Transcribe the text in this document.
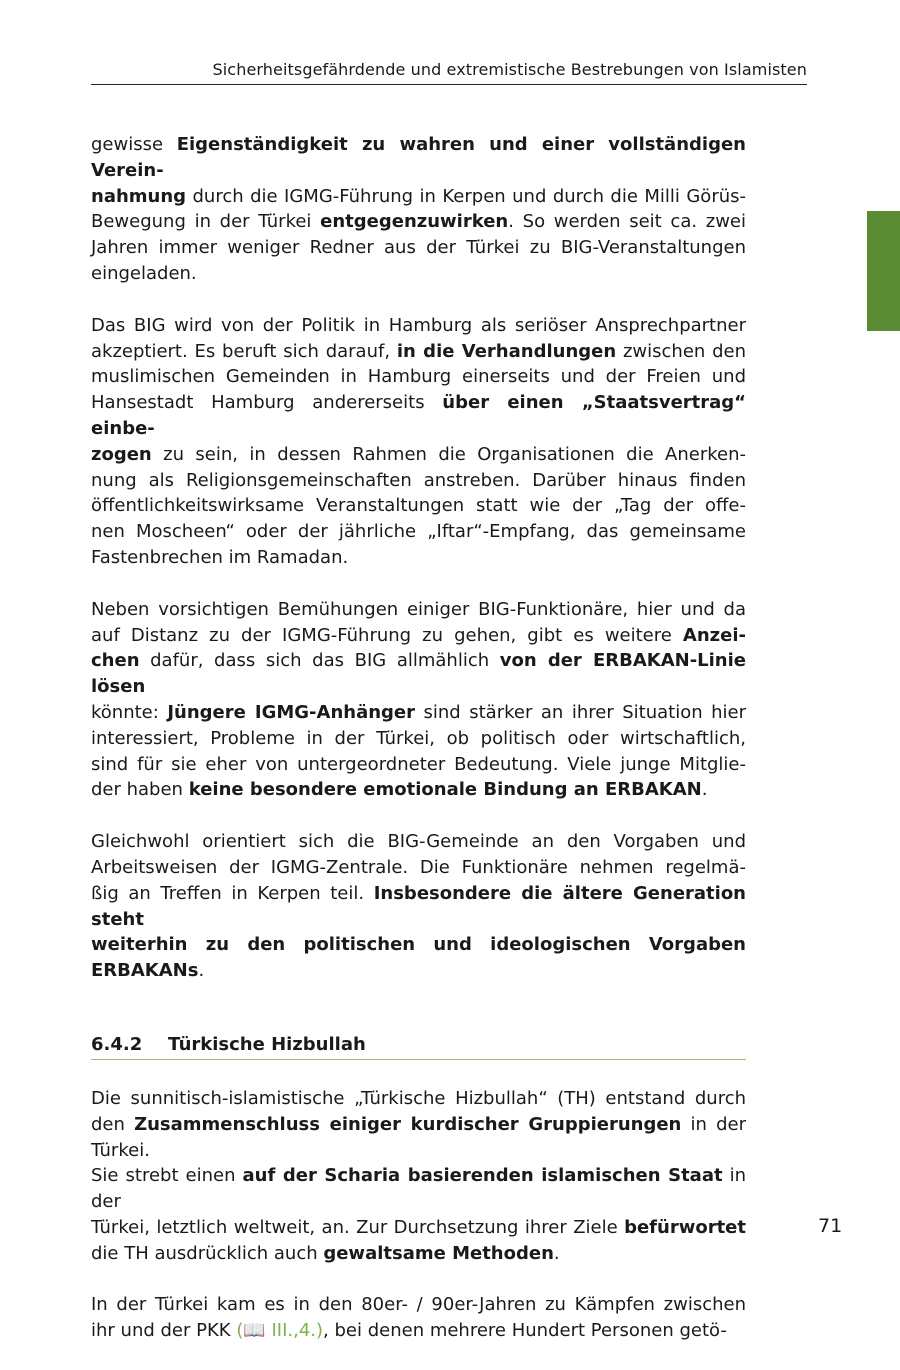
Sicherheitsgefährdende und extremistische Bestrebungen von Islamisten

gewisse Eigenständigkeit zu wahren und einer vollständigen Verein-
nahmung durch die IGMG-Führung in Kerpen und durch die Milli Görüs-
Bewegung in der Türkei entgegenzuwirken. So werden seit ca. zwei
Jahren immer weniger Redner aus der Türkei zu BIG-Veranstaltungen
eingeladen.

Das BIG wird von der Politik in Hamburg als seriöser Ansprechpartner
akzeptiert. Es beruft sich darauf, in die Verhandlungen zwischen den
muslimischen Gemeinden in Hamburg einerseits und der Freien und
Hansestadt Hamburg andererseits über einen „Staatsvertrag“ einbe-
zogen zu sein, in dessen Rahmen die Organisationen die Anerken-
nung als Religionsgemeinschaften anstreben. Darüber hinaus finden
öffentlichkeitswirksame Veranstaltungen statt wie der „Tag der offe-
nen Moscheen“ oder der jährliche „Iftar“-Empfang, das gemeinsame
Fastenbrechen im Ramadan.

Neben vorsichtigen Bemühungen einiger BIG-Funktionäre, hier und da
auf Distanz zu der IGMG-Führung zu gehen, gibt es weitere Anzei-
chen dafür, dass sich das BIG allmählich von der ERBAKAN-Linie lösen
könnte: Jüngere IGMG-Anhänger sind stärker an ihrer Situation hier
interessiert, Probleme in der Türkei, ob politisch oder wirtschaftlich,
sind für sie eher von untergeordneter Bedeutung. Viele junge Mitglie-
der haben keine besondere emotionale Bindung an ERBAKAN.

Gleichwohl orientiert sich die BIG-Gemeinde an den Vorgaben und
Arbeitsweisen der IGMG-Zentrale. Die Funktionäre nehmen regelmä-
ßig an Treffen in Kerpen teil. Insbesondere die ältere Generation steht
weiterhin zu den politischen und ideologischen Vorgaben ERBAKANs.

6.4.2 Türkische Hizbullah

Die sunnitisch-islamistische „Türkische Hizbullah“ (TH) entstand durch
den Zusammenschluss einiger kurdischer Gruppierungen in der Türkei.
Sie strebt einen auf der Scharia basierenden islamischen Staat in der
Türkei, letztlich weltweit, an. Zur Durchsetzung ihrer Ziele befürwortet
die TH ausdrücklich auch gewaltsame Methoden.

In der Türkei kam es in den 80er- / 90er-Jahren zu Kämpfen zwischen
ihr und der PKK (📖 III.,4.), bei denen mehrere Hundert Personen getö-

71
